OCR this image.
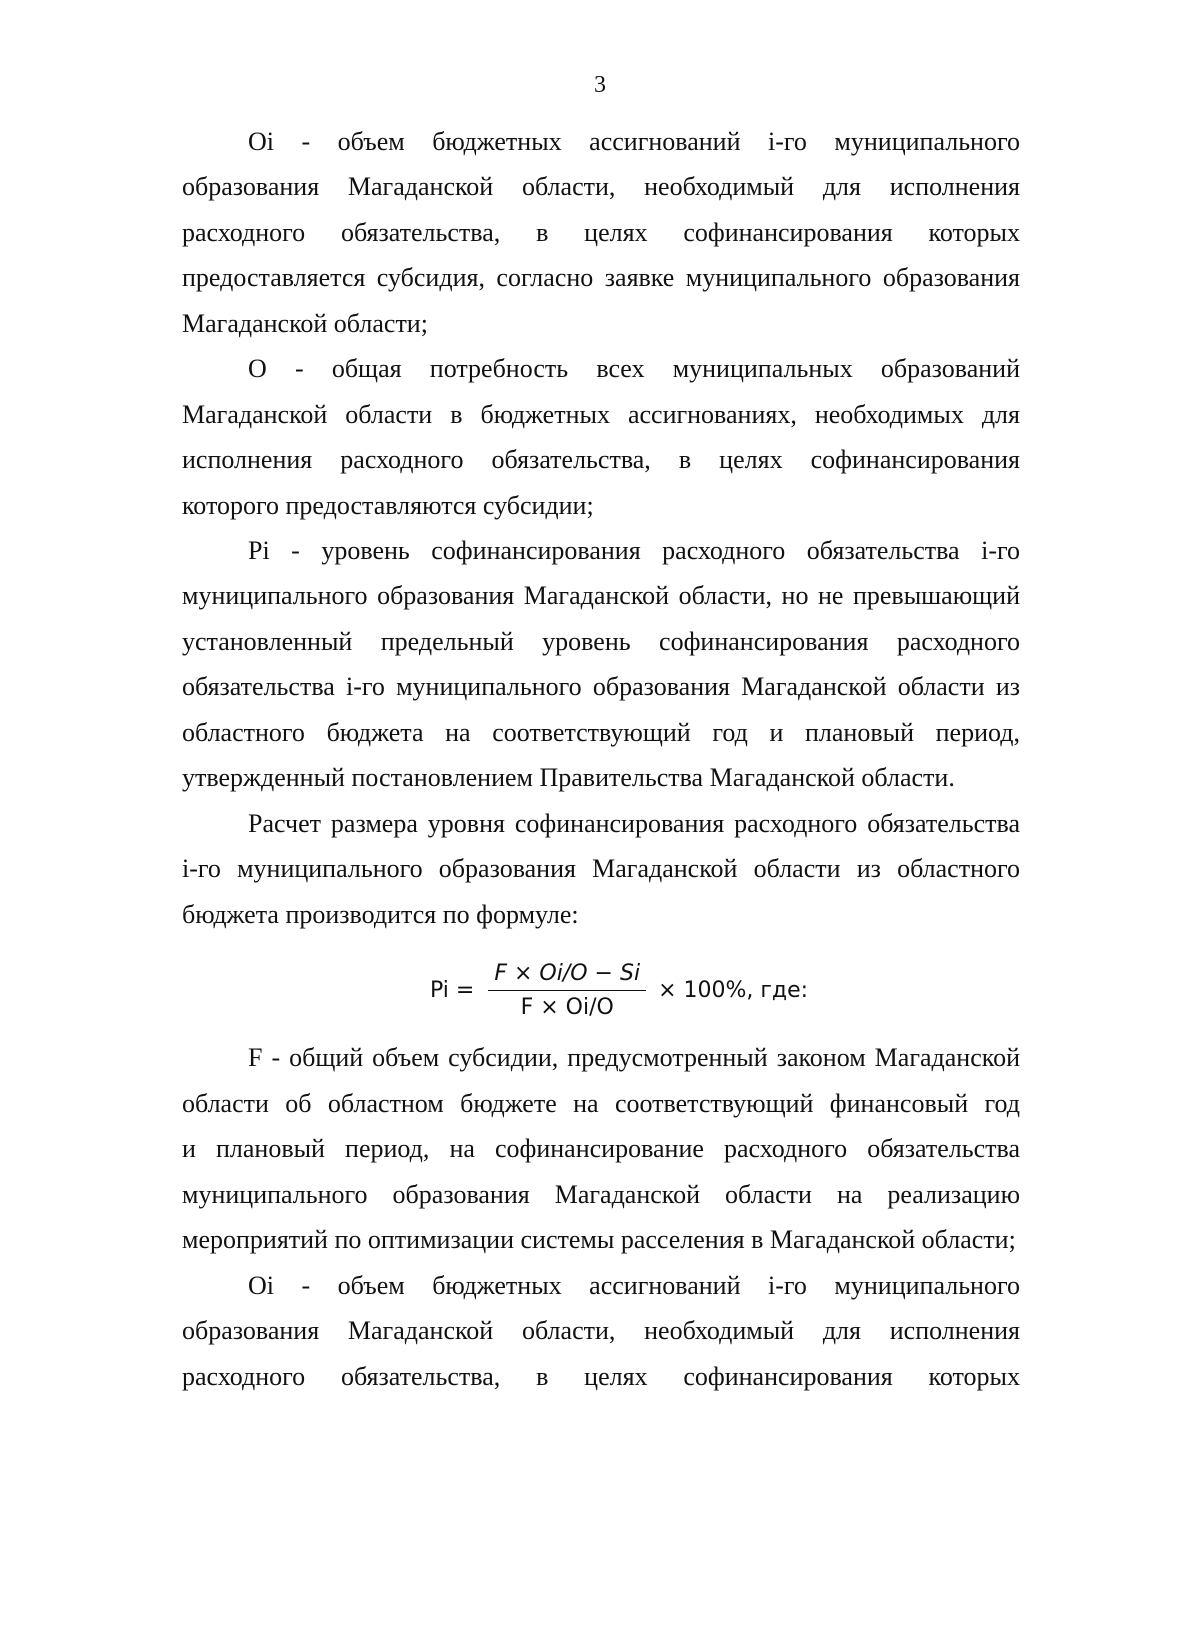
3
Oi - объем бюджетных ассигнований i-го муниципального
образования Магаданской области, необходимый для исполнения
расходного обязательства, в целях софинансирования которых
предоставляется субсидия, согласно заявке муниципального образования
Магаданской области;
O - общая потребность всех муниципальных образований
Магаданской области в бюджетных ассигнованиях, необходимых для
исполнения расходного обязательства, в целях софинансирования
которого предоставляются субсидии;
Pi - уровень софинансирования расходного обязательства i-го
муниципального образования Магаданской области, но не превышающий
установленный предельный уровень софинансирования расходного
обязательства i-го муниципального образования Магаданской области из
областного бюджета на соответствующий год и плановый период,
утвержденный постановлением Правительства Магаданской области.
Расчет размера уровня софинансирования расходного обязательства
i-го муниципального образования Магаданской области из областного
бюджета производится по формуле:
$Pi = \frac{F \times Oi/O - Si}{F \times Oi/O} \times 100\%$, где:
F - общий объем субсидии, предусмотренный законом Магаданской
области об областном бюджете на соответствующий финансовый год
и плановый период, на софинансирование расходного обязательства
муниципального образования Магаданской области на реализацию
мероприятий по оптимизации системы расселения в Магаданской области;
Oi - объем бюджетных ассигнований i-го муниципального
образования Магаданской области, необходимый для исполнения
расходного обязательства, в целях софинансирования которых
